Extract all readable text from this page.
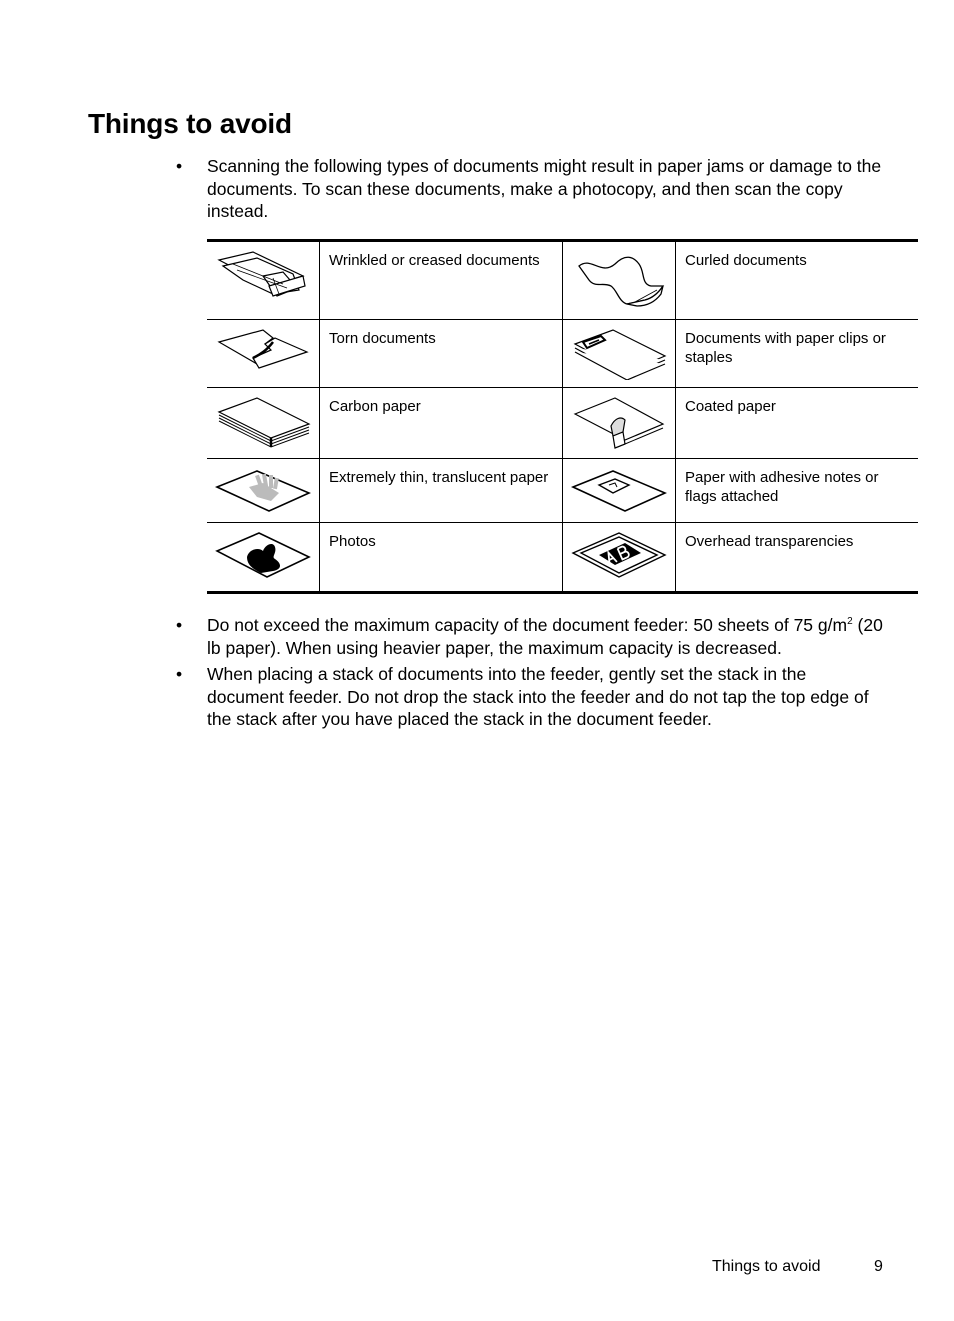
Things to avoid
• Scanning the following types of documents might result in paper jams or damage to the documents. To scan these documents, make a photocopy, and then scan the copy instead.
	Wrinkled or creased documents		Curled documents

	Torn documents		Documents with paper clips or staples

	Carbon paper		Coated paper

	Extremely thin, translucent paper		Paper with adhesive notes or flags attached

	Photos		Overhead transparencies
• Do not exceed the maximum capacity of the document feeder: 50 sheets of 75 $g/m^2$ (20 lb paper). When using heavier paper, the maximum capacity is decreased.
• When placing a stack of documents into the feeder, gently set the stack in the document feeder. Do not drop the stack into the feeder and do not tap the top edge of the stack after you have placed the stack in the document feeder.
Things to avoid	9
